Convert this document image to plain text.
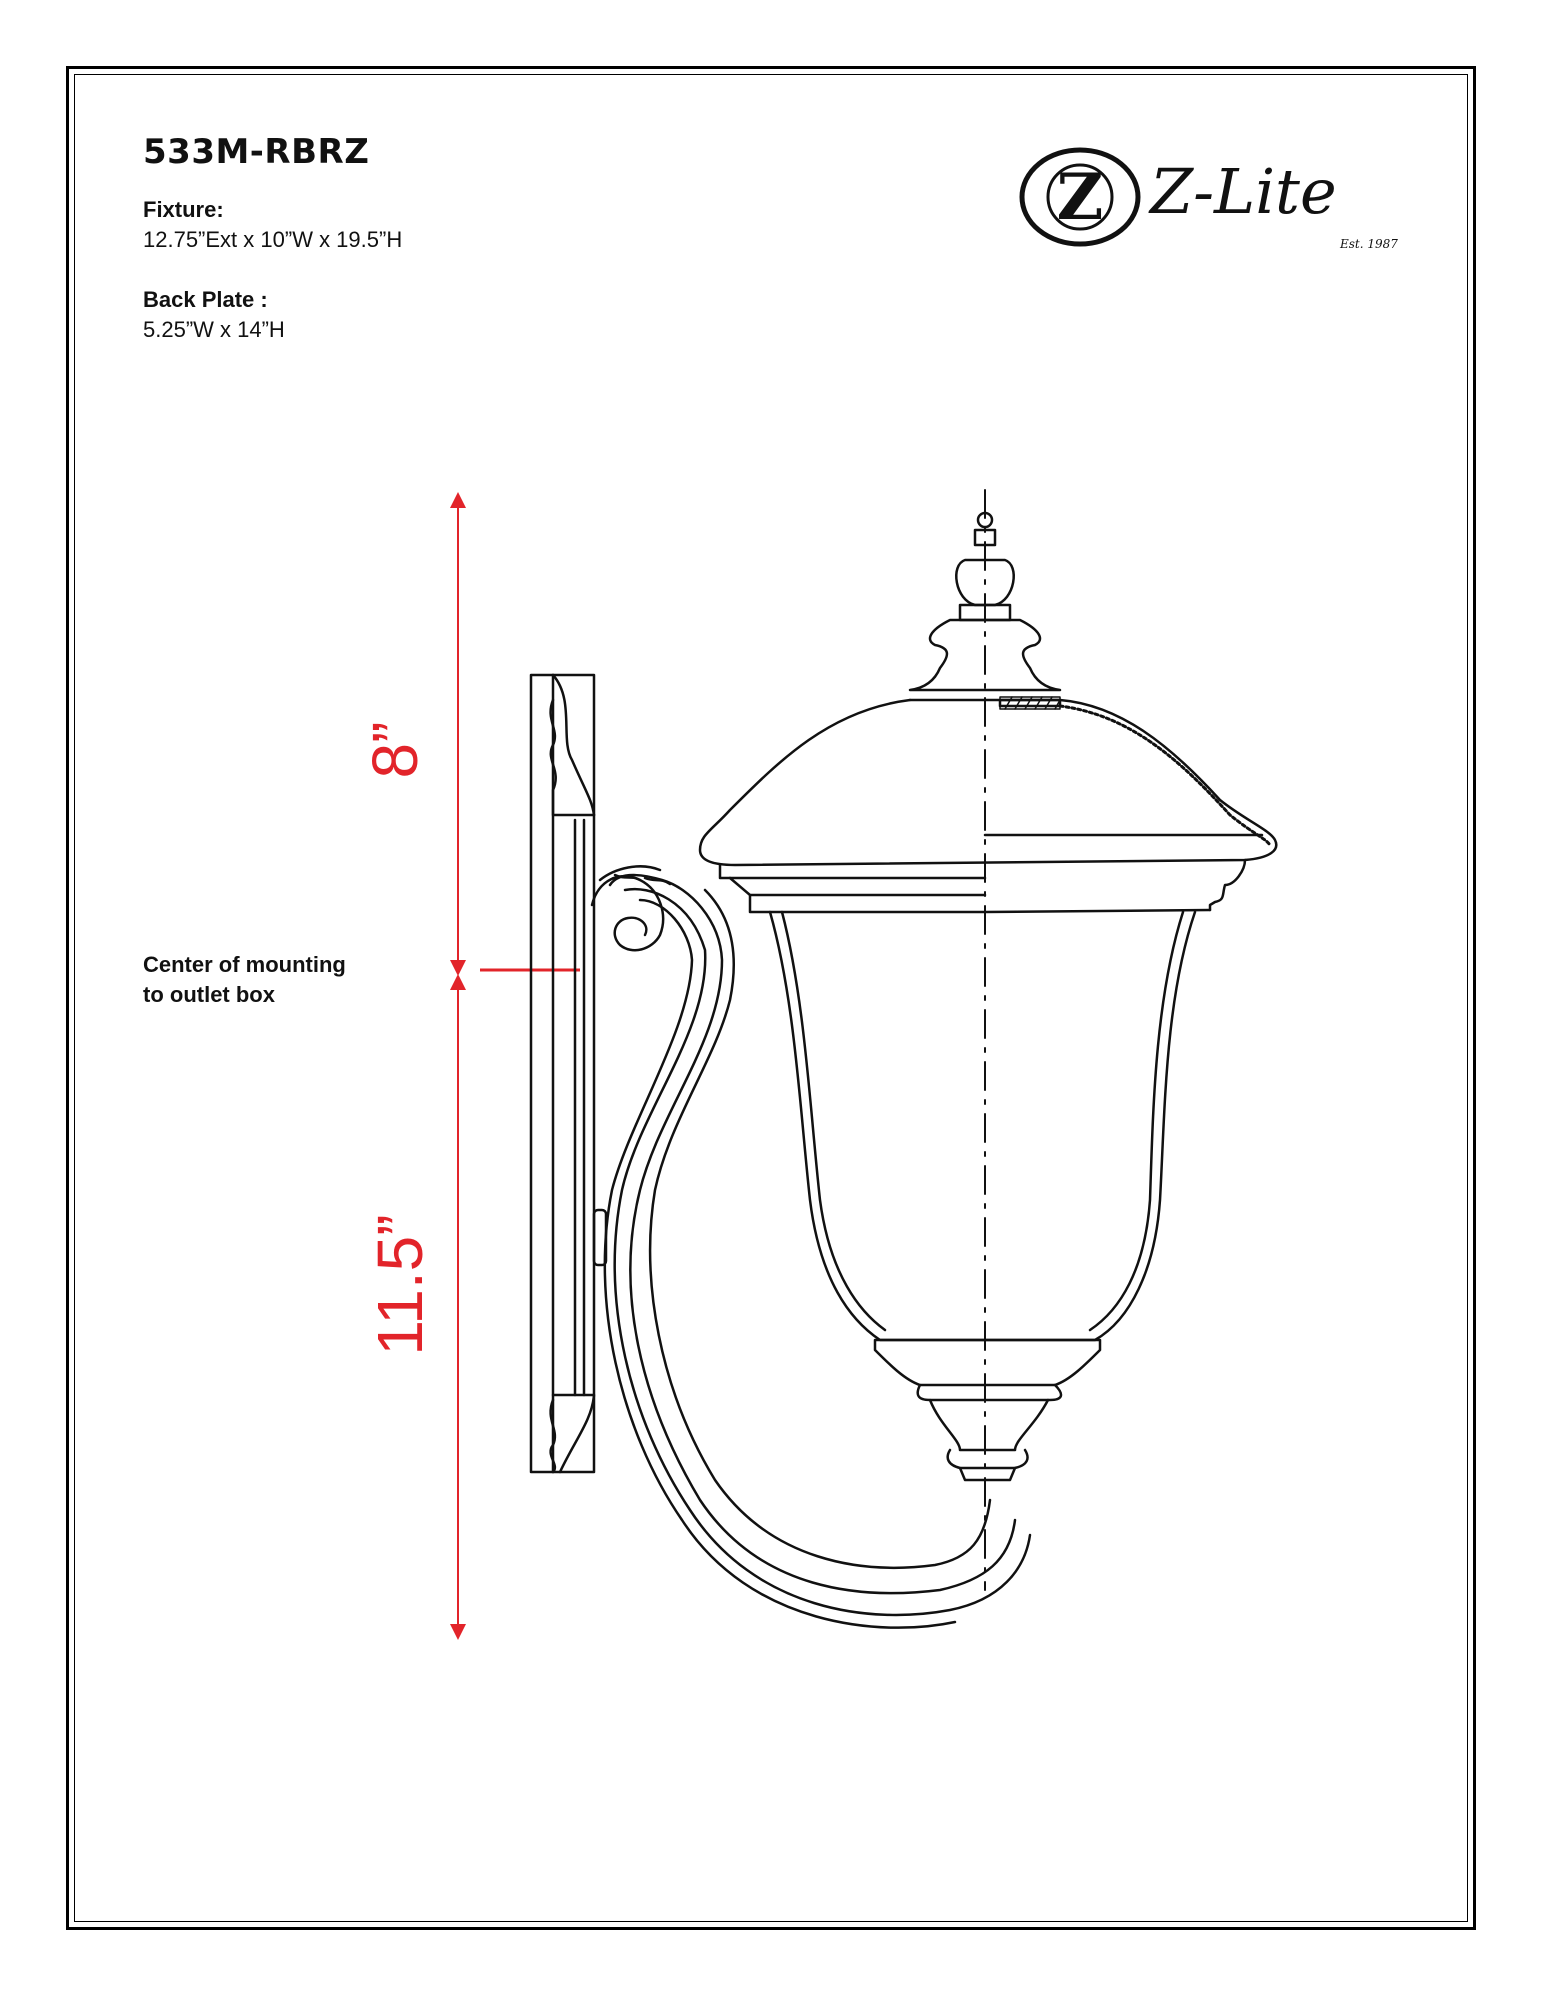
533M-RBRZ
Fixture:
12.75”Ext x 10”W x 19.5”H
Back Plate :
5.25”W x 14”H
Center of mounting
to outlet box
Z Z-Lite
Est. 1987
8”
11.5”
